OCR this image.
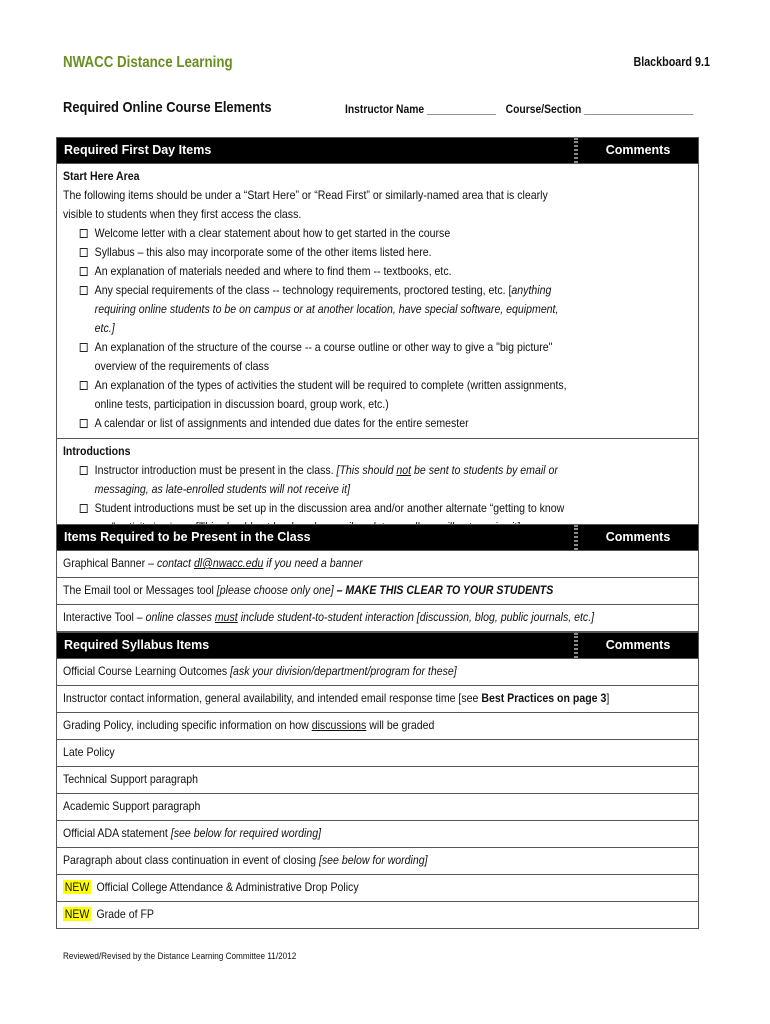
NWACC Distance Learning	Blackboard 9.1
Required Online Course Elements	Instructor Name ____________ Course/Section ___________________
Required First Day Items	Comments
Start Here Area

The following items should be under a “Start Here” or “Read First” or similarly-named area that is clearly visible to students when they first access the class.

Welcome letter with a clear statement about how to get started in the course
Syllabus – this also may incorporate some of the other items listed here.
An explanation of materials needed and where to find them -- textbooks, etc.
Any special requirements of the class -- technology requirements, proctored testing, etc. [anything requiring online students to be on campus or at another location, have special software, equipment, etc.]
An explanation of the structure of the course -- a course outline or other way to give a "big picture" overview of the requirements of class
An explanation of the types of activities the student will be required to complete (written assignments, online tests, participation in discussion board, group work, etc.)
A calendar or list of assignments and intended due dates for the entire semester
Introductions
Instructor introduction must be present in the class. [This should not be sent to students by email or messaging, as late-enrolled students will not receive it]
Student introductions must be set up in the discussion area and/or another alternate “getting to know
Items Required to be Present in the Class	Comments
Graphical Banner – contact dl@nwacc.edu if you need a banner
The Email tool or Messages tool [please choose only one] – MAKE THIS CLEAR TO YOUR STUDENTS
Interactive Tool – online classes must include student-to-student interaction [discussion, blog, public journals, etc.]
Required Syllabus Items	Comments
Official Course Learning Outcomes [ask your division/department/program for these]
Instructor contact information, general availability, and intended email response time [see Best Practices on page 3]
Grading Policy, including specific information on how discussions will be graded
Late Policy
Technical Support paragraph
Academic Support paragraph
Official ADA statement [see below for required wording]
Paragraph about class continuation in event of closing [see below for wording]
NEW Official College Attendance & Administrative Drop Policy
NEW Grade of FP
Reviewed/Revised by the Distance Learning Committee 11/2012
